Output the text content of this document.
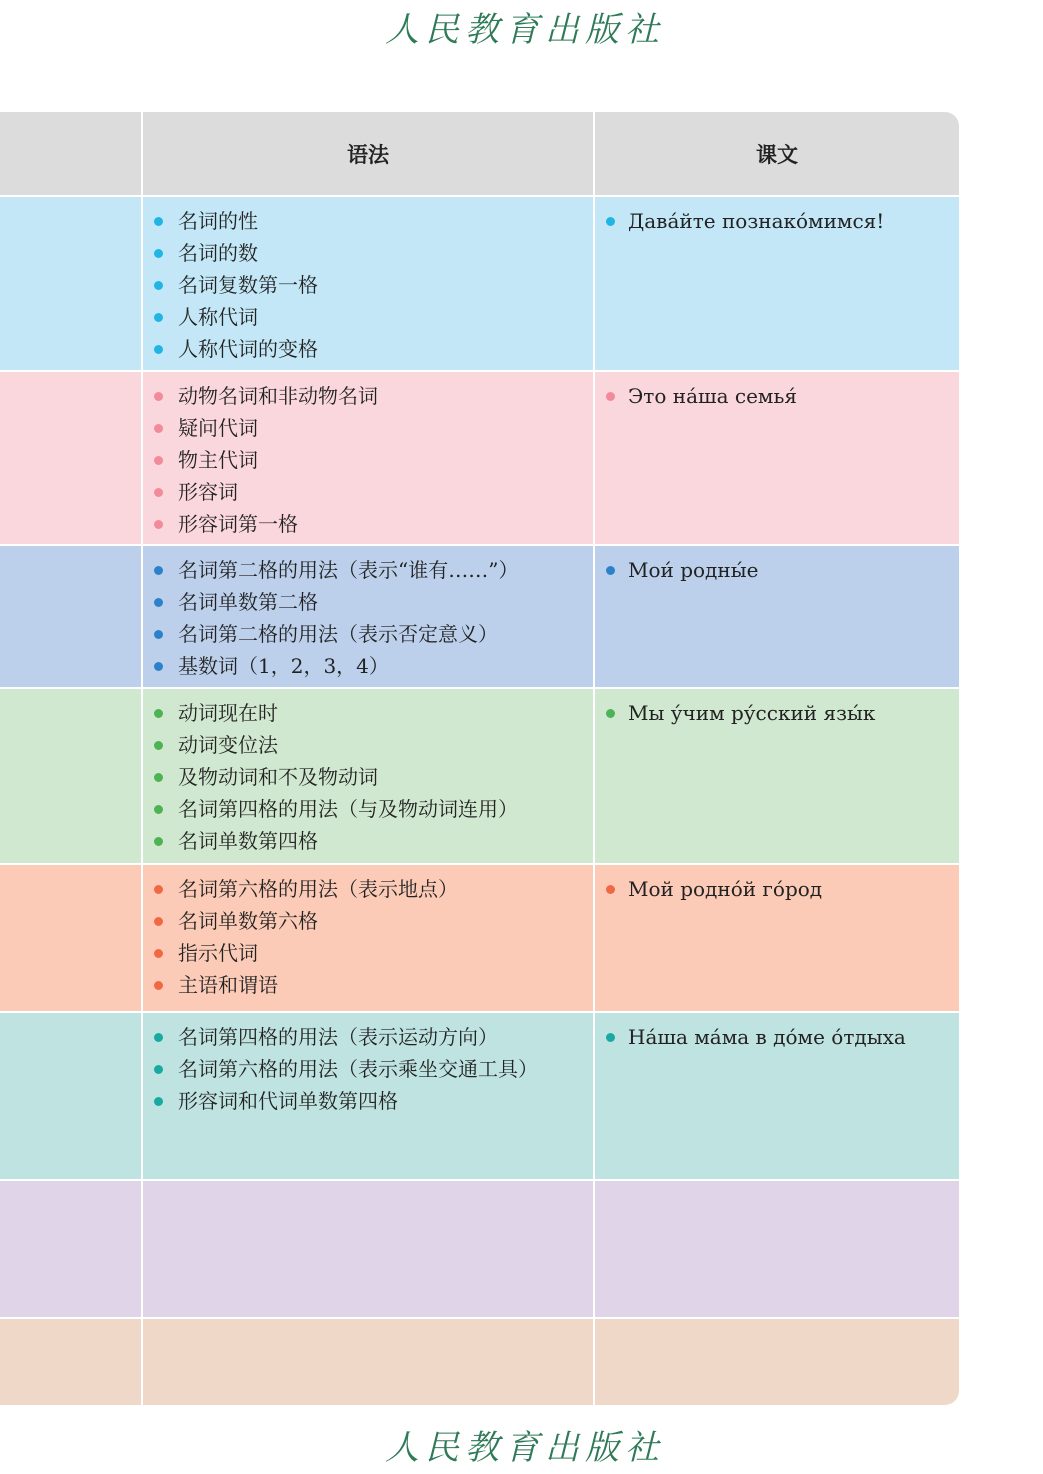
人民教育出版社
语法	课文
名词的性
名词的数
名词复数第一格
人称代词
人称代词的变格
Дава́йте познако́мимся!
动物名词和非动物名词
疑问代词
物主代词
形容词
形容词第一格
Это на́ша семья́
名词第二格的用法（表示“谁有……”）
名词单数第二格
名词第二格的用法（表示否定意义）
基数词（1，2，3，4）
Мои́ родны́е
动词现在时
动词变位法
及物动词和不及物动词
名词第四格的用法（与及物动词连用）
名词单数第四格
Мы у́чим ру́сский язы́к
名词第六格的用法（表示地点）
名词单数第六格
指示代词
主语和谓语
Мой родно́й го́род
名词第四格的用法（表示运动方向）
名词第六格的用法（表示乘坐交通工具）
形容词和代词单数第四格
На́ша ма́ма в до́ме о́тдыха
人民教育出版社
